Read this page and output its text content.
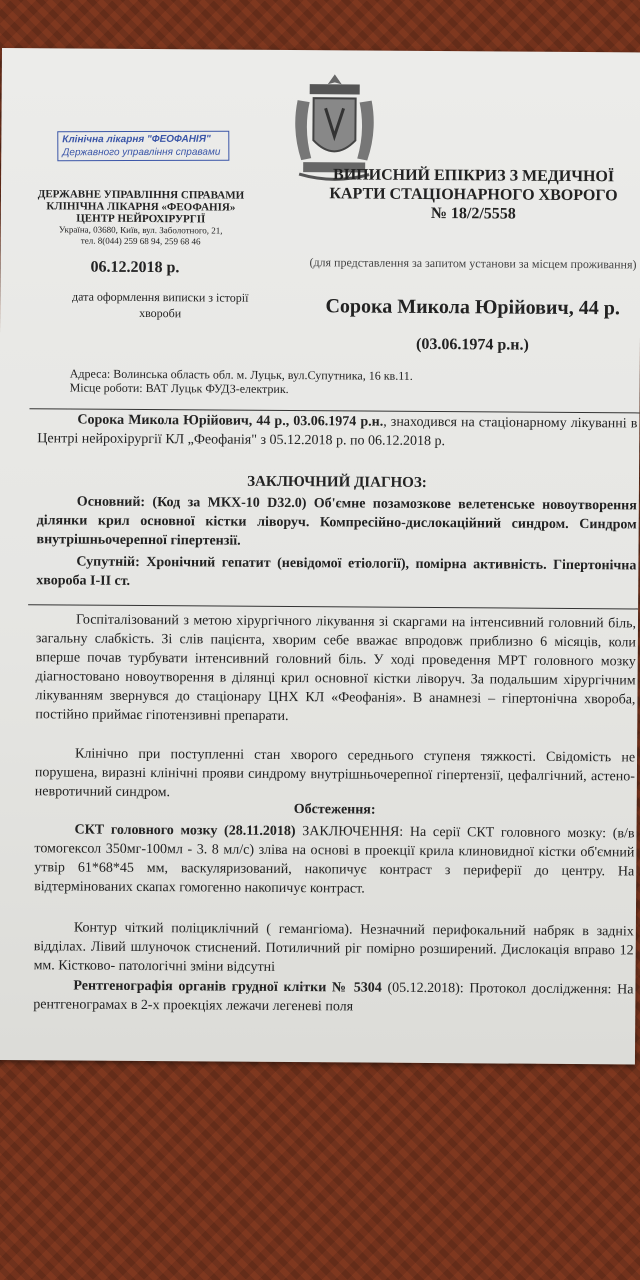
Клінічна лікарня "ФЕОФАНІЯ"
Державного управління справами
ДЕРЖАВНЕ УПРАВЛІННЯ СПРАВАМИ
КЛІНІЧНА ЛІКАРНЯ «ФЕОФАНІЯ»
ЦЕНТР НЕЙРОХІРУРГІЇ
Україна, 03680, Київ, вул. Заболотного, 21,
тел. 8(044) 259 68 94, 259 68 46
06.12.2018 р.
дата оформлення виписки з історії хвороби
ВИПИСНИЙ ЕПІКРИЗ З МЕДИЧНОЇ
КАРТИ СТАЦІОНАРНОГО ХВОРОГО
№ 18/2/5558
(для представлення за запитом установи за місцем проживання)
Сорока Микола Юрійович, 44 р.
(03.06.1974 р.н.)
Адреса: Волинська область обл. м. Луцьк, вул.Супутника, 16 кв.11.
Місце роботи: ВАТ Луцьк ФУДЗ-електрик.
Сорока Микола Юрійович, 44 р., 03.06.1974 р.н., знаходився на стаціонарному лікуванні в Центрі нейрохірургії КЛ „Феофанія" з 05.12.2018 р. по 06.12.2018 р.
ЗАКЛЮЧНИЙ ДІАГНОЗ:
Основний: (Код за МКХ-10 D32.0) Об'ємне позамозкове велетенське новоутворення ділянки крил основної кістки ліворуч. Компресійно-дислокаційний синдром. Синдром внутрішньочерепної гіпертензії.
Супутній: Хронічний гепатит (невідомої етіології), помірна активність. Гіпертонічна хвороба І-ІІ ст.
Госпіталізований з метою хірургічного лікування зі скаргами на інтенсивний головний біль, загальну слабкість. Зі слів пацієнта, хворим себе вважає впродовж приблизно 6 місяців, коли вперше почав турбувати інтенсивний головний біль. У ході проведення МРТ головного мозку діагностовано новоутворення в ділянці крил основної кістки ліворуч. За подальшим хірургічним лікуванням звернувся до стаціонару ЦНХ КЛ «Феофанія». В анамнезі – гіпертонічна хвороба, постійно приймає гіпотензивні препарати.
Клінічно при поступленні стан хворого середнього ступеня тяжкості. Свідомість не порушена, виразні клінічні прояви синдрому внутрішньочерепної гіпертензії, цефалгічний, астено-невротичний синдром.
Обстеження:
СКТ головного мозку (28.11.2018) ЗАКЛЮЧЕННЯ: На серії СКТ головного мозку: (в/в томогексол 350мг-100мл - 3. 8 мл/с) зліва на основі в проекції крила клиновидної кістки об'ємний утвір 61*68*45 мм, васкуляризований, накопичує контраст з периферії до центру. На відтермінованих скапах гомогенно накопичує контраст.
Контур чіткий поліциклічний ( гемангіома). Незначний перифокальний набряк в задніх відділах. Лівий шлуночок стиснений. Потиличний ріг помірно розширений. Дислокація вправо 12 мм. Кістково- патологічні зміни відсутні
Рентгенографія органів грудної клітки № 5304 (05.12.2018): Протокол дослідження: На рентгенограмах в 2-х проекціях лежачи легеневі поля
